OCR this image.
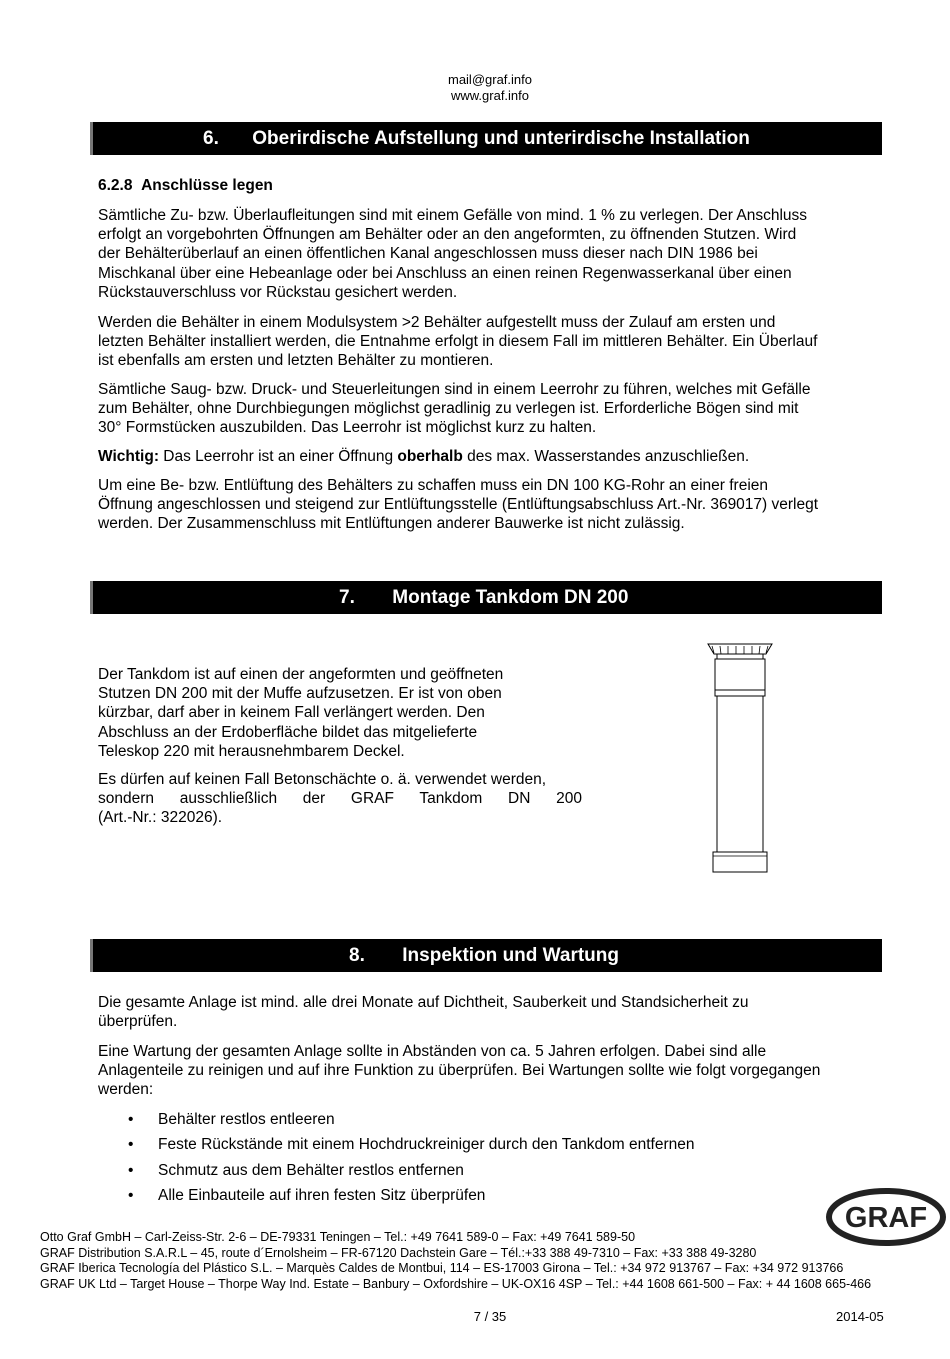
mail@graf.info
www.graf.info
6. Oberirdische Aufstellung und unterirdische Installation
6.2.8 Anschlüsse legen
Sämtliche Zu- bzw. Überlaufleitungen sind mit einem Gefälle von mind. 1 % zu verlegen. Der Anschluss
erfolgt an vorgebohrten Öffnungen am Behälter oder an den angeformten, zu öffnenden Stutzen. Wird
der Behälterüberlauf an einen öffentlichen Kanal angeschlossen muss dieser nach DIN 1986 bei
Mischkanal über eine Hebeanlage oder bei Anschluss an einen reinen Regenwasserkanal über einen
Rückstauverschluss vor Rückstau gesichert werden.
Werden die Behälter in einem Modulsystem >2 Behälter aufgestellt muss der Zulauf am ersten und
letzten Behälter installiert werden, die Entnahme erfolgt in diesem Fall im mittleren Behälter. Ein Überlauf
ist ebenfalls am ersten und letzten Behälter zu montieren.
Sämtliche Saug- bzw. Druck- und Steuerleitungen sind in einem Leerrohr zu führen, welches mit Gefälle
zum Behälter, ohne Durchbiegungen möglichst geradlinig zu verlegen ist. Erforderliche Bögen sind mit
30° Formstücken auszubilden. Das Leerrohr ist möglichst kurz zu halten.
Wichtig: Das Leerrohr ist an einer Öffnung oberhalb des max. Wasserstandes anzuschließen.
Um eine Be- bzw. Entlüftung des Behälters zu schaffen muss ein DN 100 KG-Rohr an einer freien
Öffnung angeschlossen und steigend zur Entlüftungsstelle (Entlüftungsabschluss Art.-Nr. 369017) verlegt
werden. Der Zusammenschluss mit Entlüftungen anderer Bauwerke ist nicht zulässig.
7. Montage Tankdom DN 200
Der Tankdom ist auf einen der angeformten und geöffneten
Stutzen DN 200 mit der Muffe aufzusetzen. Er ist von oben
kürzbar, darf aber in keinem Fall verlängert werden. Den
Abschluss an der Erdoberfläche bildet das mitgelieferte
Teleskop 220 mit herausnehmbarem Deckel.
Es dürfen auf keinen Fall Betonschächte o. ä. verwendet werden,
sondern ausschließlich der GRAF Tankdom DN 200
(Art.-Nr.: 322026).
8. Inspektion und Wartung
Die gesamte Anlage ist mind. alle drei Monate auf Dichtheit, Sauberkeit und Standsicherheit zu
überprüfen.
Eine Wartung der gesamten Anlage sollte in Abständen von ca. 5 Jahren erfolgen. Dabei sind alle
Anlagenteile zu reinigen und auf ihre Funktion zu überprüfen. Bei Wartungen sollte wie folgt vorgegangen
werden:
• Behälter restlos entleeren
• Feste Rückstände mit einem Hochdruckreiniger durch den Tankdom entfernen
• Schmutz aus dem Behälter restlos entfernen
• Alle Einbauteile auf ihren festen Sitz überprüfen
GRAF
Otto Graf GmbH – Carl-Zeiss-Str. 2-6 – DE-79331 Teningen – Tel.: +49 7641 589-0 – Fax: +49 7641 589-50
GRAF Distribution S.A.R.L – 45, route d´Ernolsheim – FR-67120 Dachstein Gare – Tél.:+33 388 49-7310 – Fax: +33 388 49-3280
GRAF Iberica Tecnología del Plástico S.L. – Marquès Caldes de Montbui, 114 – ES-17003 Girona – Tel.: +34 972 913767 – Fax: +34 972 913766
GRAF UK Ltd – Target House – Thorpe Way Ind. Estate – Banbury – Oxfordshire – UK-OX16 4SP – Tel.: +44 1608 661-500 – Fax: + 44 1608 665-466
7 / 35	2014-05
